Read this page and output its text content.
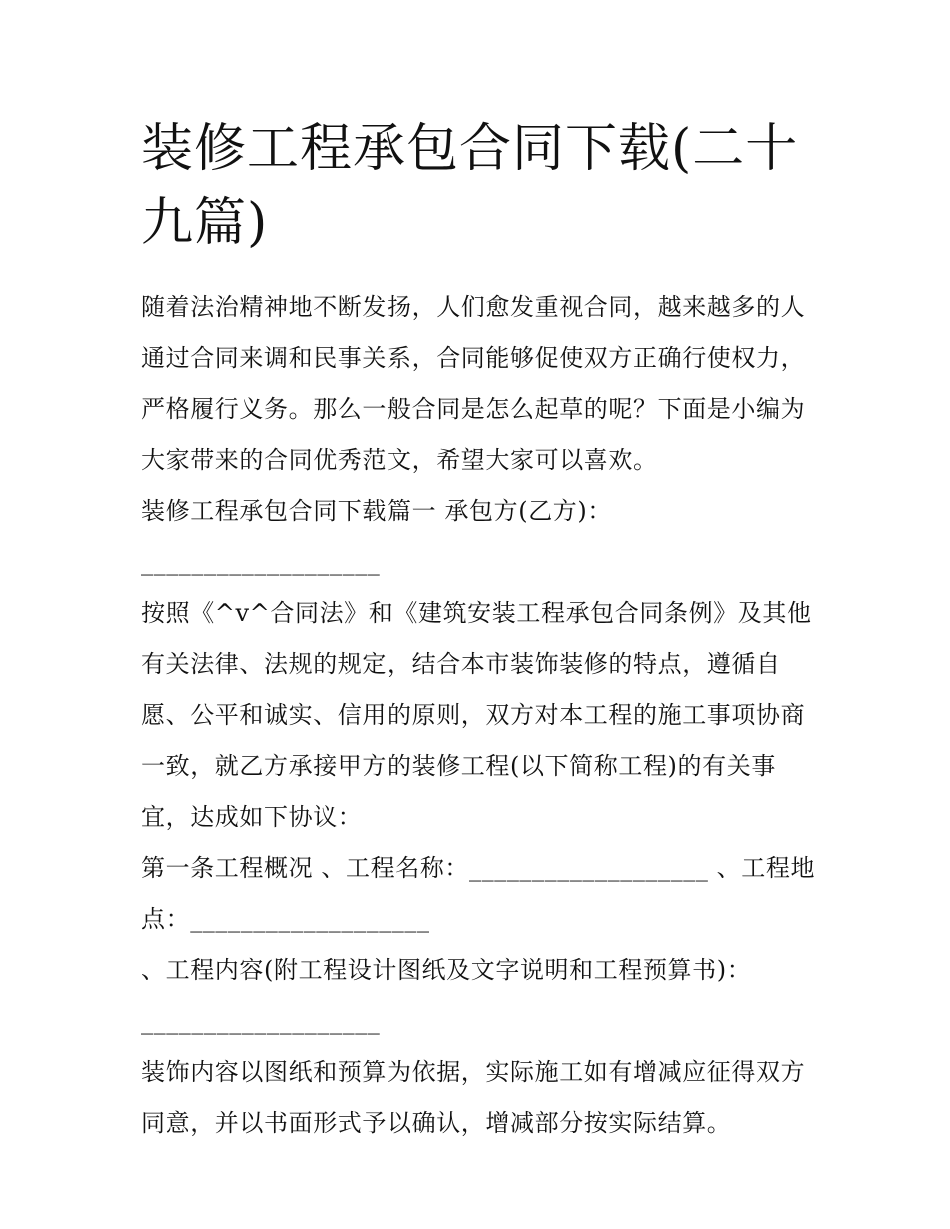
装修工程承包合同下载(二十九篇)

随着法治精神地不断发扬，人们愈发重视合同，越来越多的人通过合同来调和民事关系，合同能够促使双方正确行使权力，严格履行义务。那么一般合同是怎么起草的呢？下面是小编为大家带来的合同优秀范文，希望大家可以喜欢。

装修工程承包合同下载篇一 承包方(乙方)：

___________________

按照《^v^合同法》和《建筑安装工程承包合同条例》及其他有关法律、法规的规定，结合本市装饰装修的特点，遵循自愿、公平和诚实、信用的原则，双方对本工程的施工事项协商一致，就乙方承接甲方的装修工程(以下简称工程)的有关事宜，达成如下协议：

第一条工程概况 、工程名称：___________________ 、工程地点：___________________

、工程内容(附工程设计图纸及文字说明和工程预算书)：

___________________

装饰内容以图纸和预算为依据，实际施工如有增减应征得双方同意，并以书面形式予以确认，增减部分按实际结算。
